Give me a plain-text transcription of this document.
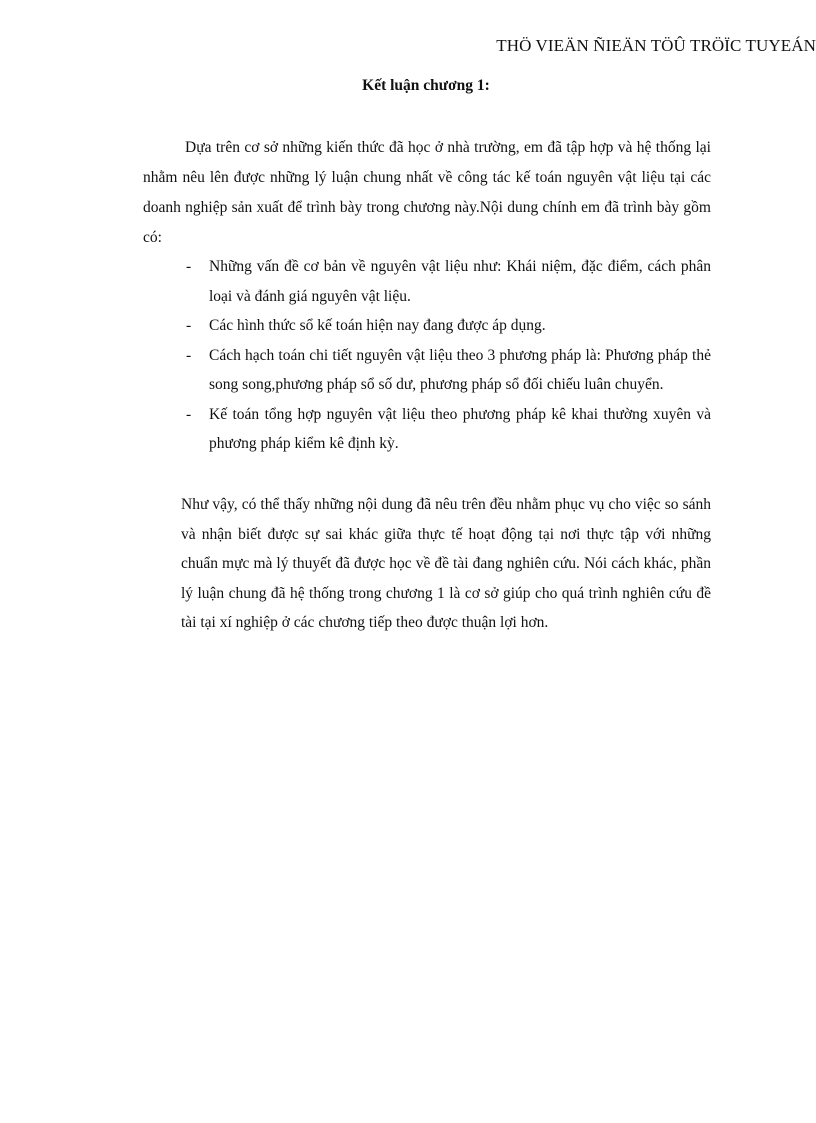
THÖ VIEÄN ÑIEÄN TÖÛ TRÖÏC TUYEÁN
Kết luận chương 1:

Dựa trên cơ sở những kiến thức đã học ở nhà trường, em đã tập hợp và hệ thống lại nhằm nêu lên được những lý luận chung nhất về công tác kế toán nguyên vật liệu tại các doanh nghiệp sản xuất để trình bày trong chương này.Nội dung chính em đã trình bày gồm có:

- Những vấn đề cơ bản về nguyên vật liệu như: Khái niệm, đặc điểm, cách phân loại và đánh giá nguyên vật liệu.
- Các hình thức sổ kế toán hiện nay đang được áp dụng.
- Cách hạch toán chi tiết nguyên vật liệu theo 3 phương pháp là: Phương pháp thẻ song song,phương pháp sổ số dư, phương pháp sổ đối chiếu luân chuyển.
- Kế toán tổng hợp nguyên vật liệu theo phương pháp kê khai thường xuyên và phương pháp kiểm kê định kỳ.

Như vậy, có thể thấy những nội dung đã nêu trên đều nhằm phục vụ cho việc so sánh và nhận biết được sự sai khác giữa thực tế hoạt động tại nơi thực tập với những chuẩn mực mà lý thuyết đã được học về đề tài đang nghiên cứu. Nói cách khác, phần lý luận chung đã hệ thống trong chương 1 là cơ sở giúp cho quá trình nghiên cứu đề tài tại xí nghiệp ở các chương tiếp theo được thuận lợi hơn.
